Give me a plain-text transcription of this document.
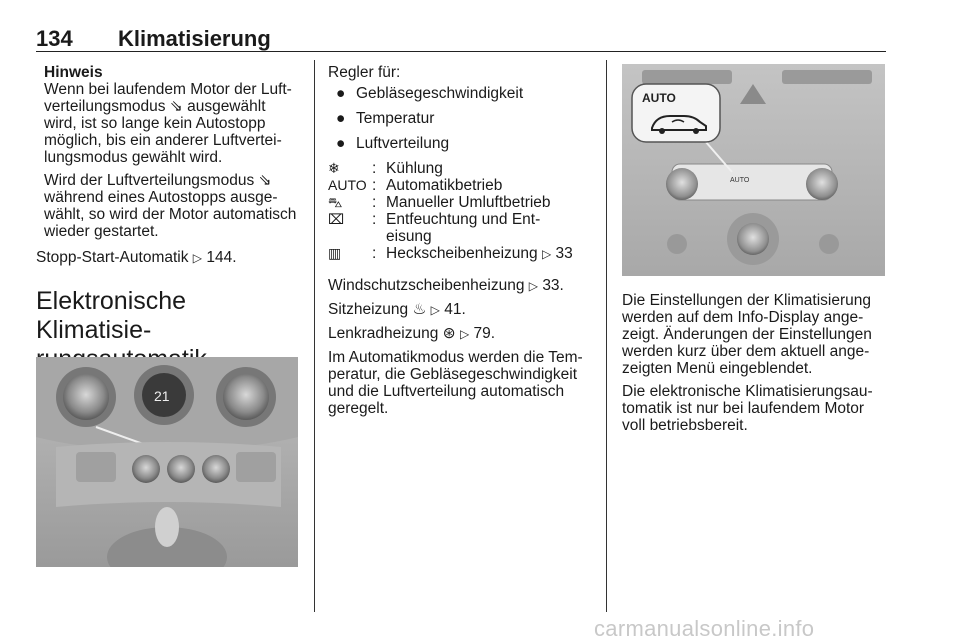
134 Klimatisierung

Hinweis

Wenn bei laufendem Motor der Luft-verteilungsmodus ⇘ ausgewählt wird, ist so lange kein Autostopp möglich, bis ein anderer Luftvertei-lungsmodus gewählt wird.

Wird der Luftverteilungsmodus ⇘ während eines Autostopps ausge-wählt, so wird der Motor automatisch wieder gestartet.

Stopp-Start-Automatik ▷ 144.

Elektronische Klimatisie-

21

Regler für:

● Gebläsegeschwindigkeit
● Temperatur
● Luftverteilung
❄	: Kühlung
AUTO : Automatikbetrieb
⛍	: Manueller Umluftbetrieb
⌧	: Entfeuchtung und Ent-eisung
▥	: Heckscheibenheizung ▷ 33

Windschutzscheibenheizung ▷ 33.

Sitzheizung ♨ ▷ 41.

Lenkradheizung ⊛ ▷ 79.

Im Automatikmodus werden die Tem-peratur, die Gebläsegeschwindigkeit und die Luftverteilung automatisch geregelt.

AUTO
AUTO

Die Einstellungen der Klimatisierung werden auf dem Info-Display ange-zeigt. Änderungen der Einstellungen werden kurz über dem aktuell ange-zeigten Menü eingeblendet.

Die elektronische Klimatisierungsau-tomatik ist nur bei laufendem Motor voll betriebsbereit.

carmanualsonline.info
